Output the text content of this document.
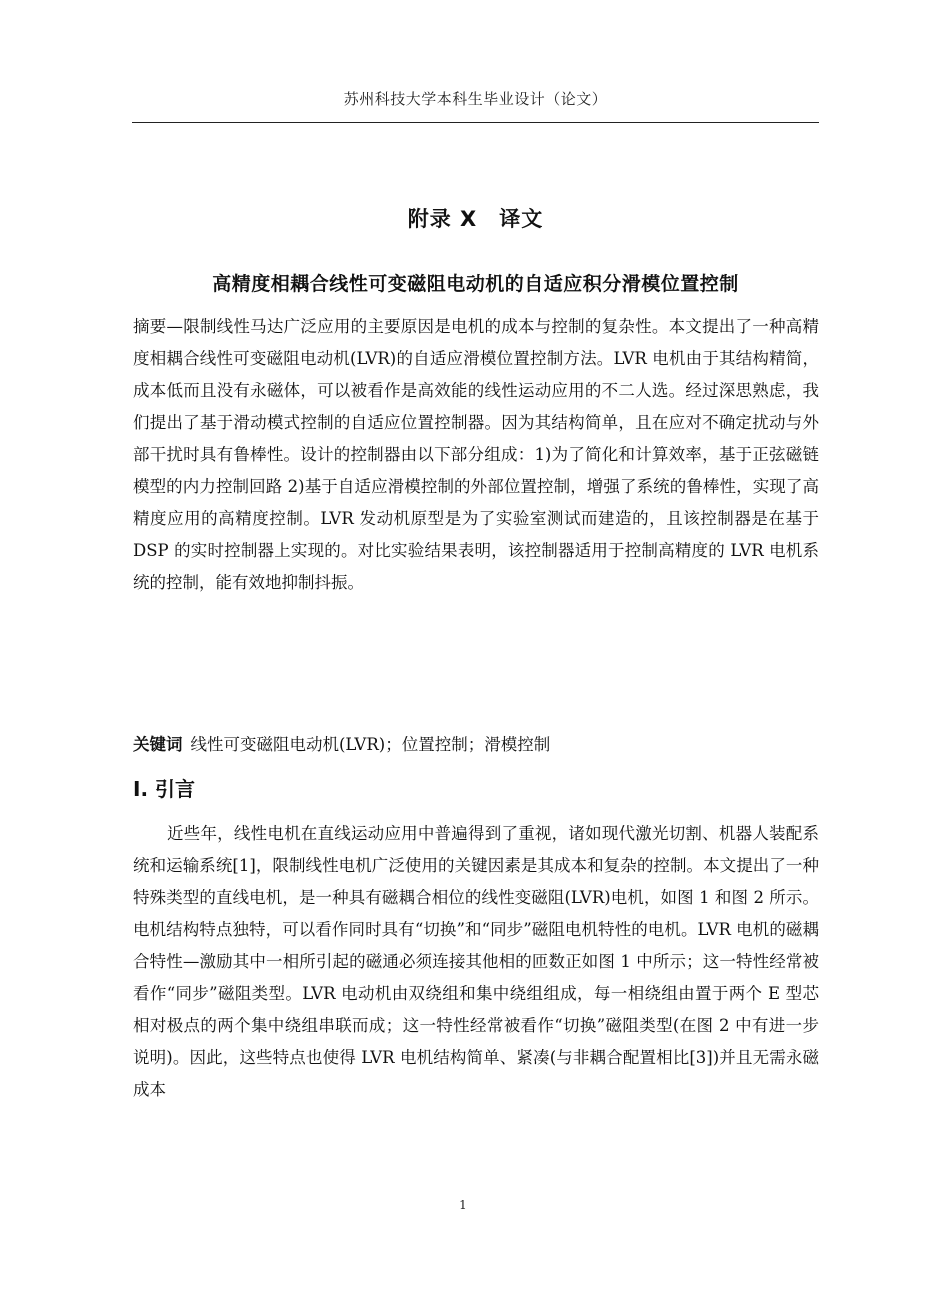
苏州科技大学本科生毕业设计（论文）
附录 X　译文
高精度相耦合线性可变磁阻电动机的自适应积分滑模位置控制
摘要—限制线性马达广泛应用的主要原因是电机的成本与控制的复杂性。本文提出了一种高精度相耦合线性可变磁阻电动机(LVR)的自适应滑模位置控制方法。LVR 电机由于其结构精简，成本低而且没有永磁体，可以被看作是高效能的线性运动应用的不二人选。经过深思熟虑，我们提出了基于滑动模式控制的自适应位置控制器。因为其结构简单，且在应对不确定扰动与外部干扰时具有鲁棒性。设计的控制器由以下部分组成：1)为了简化和计算效率，基于正弦磁链模型的内力控制回路 2)基于自适应滑模控制的外部位置控制，增强了系统的鲁棒性，实现了高精度应用的高精度控制。LVR 发动机原型是为了实验室测试而建造的，且该控制器是在基于 DSP 的实时控制器上实现的。对比实验结果表明，该控制器适用于控制高精度的 LVR 电机系统的控制，能有效地抑制抖振。
关键词 线性可变磁阻电动机(LVR)；位置控制；滑模控制
I. 引言
近些年，线性电机在直线运动应用中普遍得到了重视，诸如现代激光切割、机器人装配系统和运输系统[1]，限制线性电机广泛使用的关键因素是其成本和复杂的控制。本文提出了一种特殊类型的直线电机，是一种具有磁耦合相位的线性变磁阻(LVR)电机，如图 1 和图 2 所示。电机结构特点独特，可以看作同时具有“切换”和“同步”磁阻电机特性的电机。LVR 电机的磁耦合特性—激励其中一相所引起的磁通必须连接其他相的匝数正如图 1 中所示；这一特性经常被看作“同步”磁阻类型。LVR 电动机由双绕组和集中绕组组成，每一相绕组由置于两个 E 型芯相对极点的两个集中绕组串联而成；这一特性经常被看作“切换”磁阻类型(在图 2 中有进一步说明)。因此，这些特点也使得 LVR 电机结构简单、紧凑(与非耦合配置相比[3])并且无需永磁成本
1
